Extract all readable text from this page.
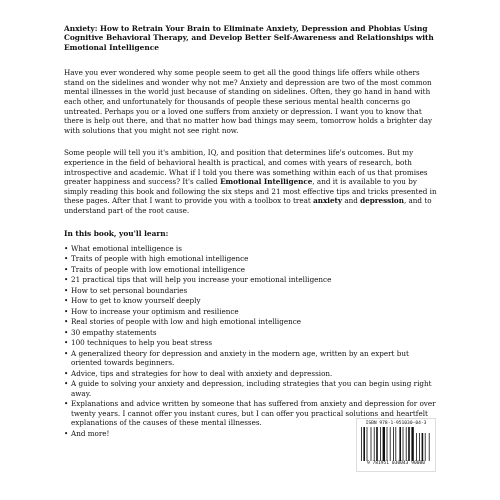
Anxiety: How to Retrain Your Brain to Eliminate Anxiety, Depression and Phobias Using Cognitive Behavioral Therapy, and Develop Better Self-Awareness and Relationships with Emotional Intelligence

Have you ever wondered why some people seem to get all the good things life offers while others stand on the sidelines and wonder why not me? Anxiety and depression are two of the most common mental illnesses in the world just because of standing on sidelines. Often, they go hand in hand with each other, and unfortunately for thousands of people these serious mental health concerns go untreated. Perhaps you or a loved one suffers from anxiety or depression. I want you to know that there is help out there, and that no matter how bad things may seem, tomorrow holds a brighter day with solutions that you might not see right now.

Some people will tell you it's ambition, IQ, and position that determines life's outcomes. But my experience in the field of behavioral health is practical, and comes with years of research, both introspective and academic. What if I told you there was something within each of us that promises greater happiness and success? It's called Emotional Intelligence, and it is available to you by simply reading this book and following the six steps and 21 most effective tips and tricks presented in these pages. After that I want to provide you with a toolbox to treat anxiety and depression, and to understand part of the root cause.

In this book, you'll learn:
• What emotional intelligence is
• Traits of people with high emotional intelligence
• Traits of people with low emotional intelligence
• 21 practical tips that will help you increase your emotional intelligence
• How to set personal boundaries
• How to get to know yourself deeply
• How to increase your optimism and resilience
• Real stories of people with low and high emotional intelligence
• 30 empathy statements
• 100 techniques to help you beat stress
• A generalized theory for depression and anxiety in the modern age, written by an expert but oriented towards beginners.
• Advice, tips and strategies for how to deal with anxiety and depression.
• A guide to solving your anxiety and depression, including strategies that you can begin using right away.
• Explanations and advice written by someone that has suffered from anxiety and depression for over twenty years. I cannot offer you instant cures, but I can offer you practical solutions and heartfelt explanations of the causes of these mental illnesses.
• And more!
ISBN 978-1-951030-04-3
9 781951 030043 90000
